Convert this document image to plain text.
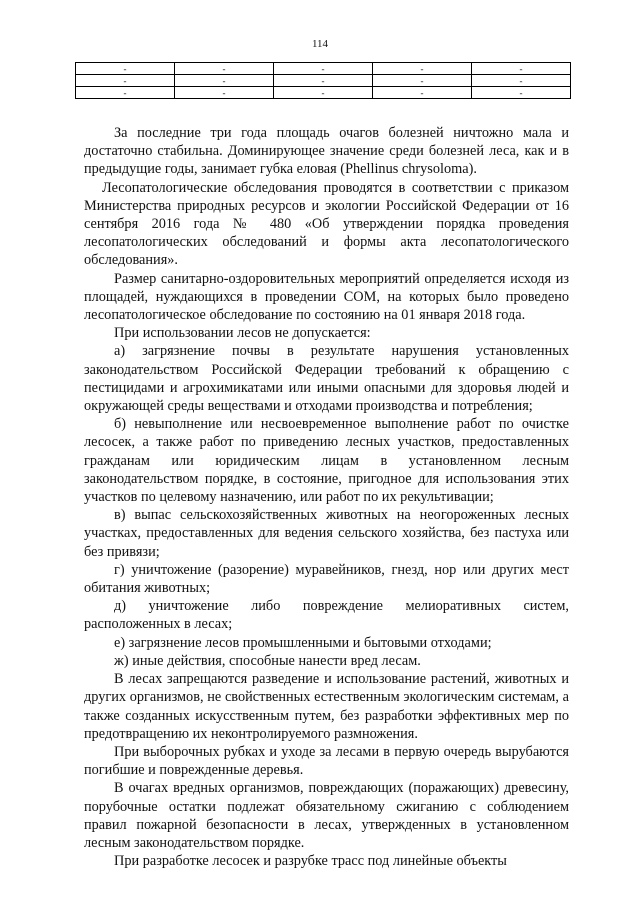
114
-	-	-	-	-
-	-	-	-	-
-	-	-	-	-

За последние три года площадь очагов болезней ничтожно мала и достаточно стабильна. Доминирующее значение среди болезней леса, как и в предыдущие годы, занимает губка еловая (Phellinus chrysoloma).

Лесопатологические обследования проводятся в соответствии с приказом Министерства природных ресурсов и экологии Российской Федерации от 16 сентября 2016 года № 480 «Об утверждении порядка проведения лесопатологических обследований и формы акта лесопатологического обследования».

Размер санитарно-оздоровительных мероприятий определяется исходя из площадей, нуждающихся в проведении СОМ, на которых было проведено лесопатологическое обследование по состоянию на 01 января 2018 года.

При использовании лесов не допускается:

а) загрязнение почвы в результате нарушения установленных законодательством Российской Федерации требований к обращению с пестицидами и агрохимикатами или иными опасными для здоровья людей и окружающей среды веществами и отходами производства и потребления;

б) невыполнение или несвоевременное выполнение работ по очистке лесосек, а также работ по приведению лесных участков, предоставленных гражданам или юридическим лицам в установленном лесным законодательством порядке, в состояние, пригодное для использования этих участков по целевому назначению, или работ по их рекультивации;

в) выпас сельскохозяйственных животных на неогороженных лесных участках, предоставленных для ведения сельского хозяйства, без пастуха или без привязи;

г) уничтожение (разорение) муравейников, гнезд, нор или других мест обитания животных;

д) уничтожение либо повреждение мелиоративных систем, расположенных в лесах;

е) загрязнение лесов промышленными и бытовыми отходами;

ж) иные действия, способные нанести вред лесам.

В лесах запрещаются разведение и использование растений, животных и других организмов, не свойственных естественным экологическим системам, а также созданных искусственным путем, без разработки эффективных мер по предотвращению их неконтролируемого размножения.

При выборочных рубках и уходе за лесами в первую очередь вырубаются погибшие и поврежденные деревья.

В очагах вредных организмов, повреждающих (поражающих) древесину, порубочные остатки подлежат обязательному сжиганию с соблюдением правил пожарной безопасности в лесах, утвержденных в установленном лесным законодательством порядке.

При разработке лесосек и разрубке трасс под линейные объекты
